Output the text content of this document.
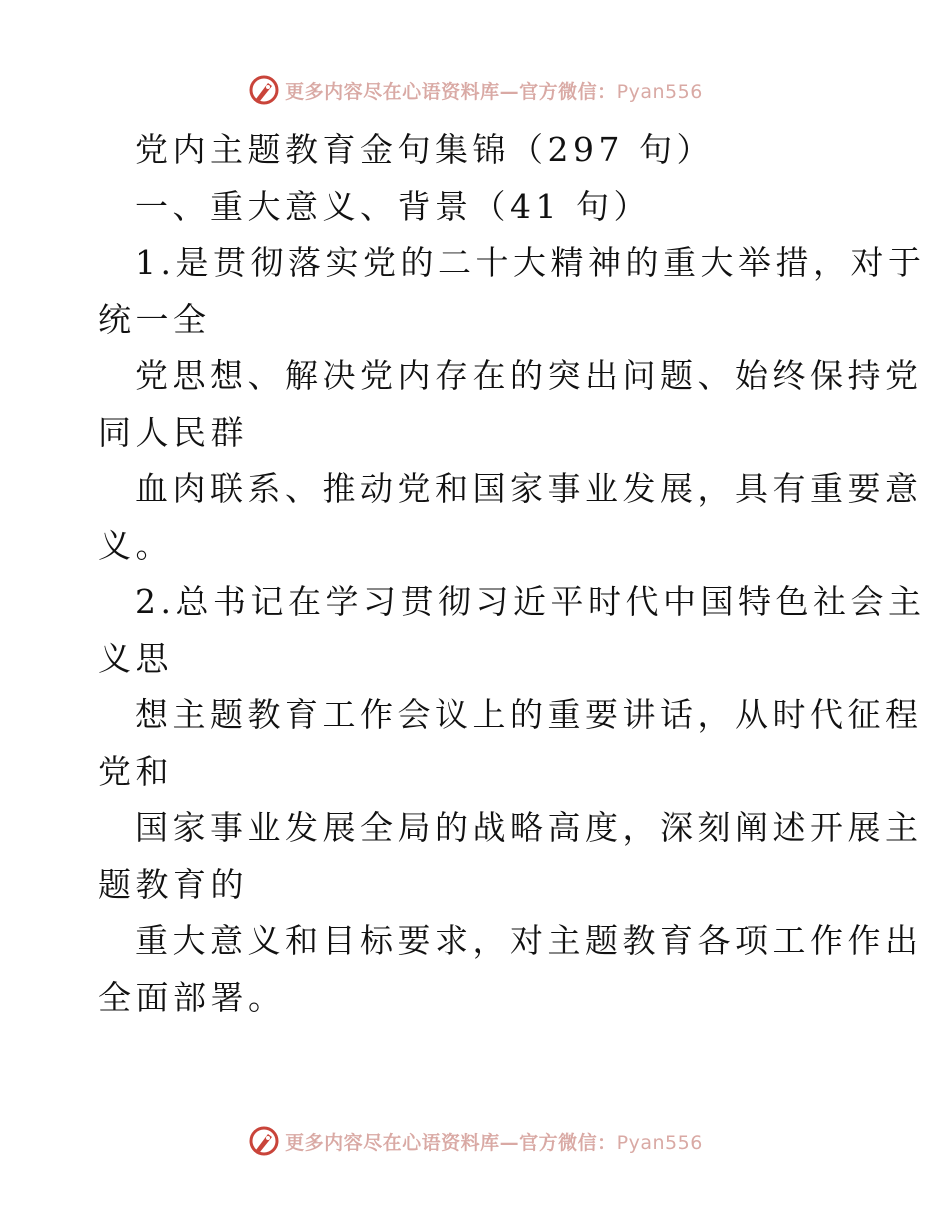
更多内容尽在心语资料库—官方微信：Pyan556
党内主题教育金句集锦（297 句）
一、重大意义、背景（41 句）
1.是贯彻落实党的二十大精神的重大举措，对于
统一全
党思想、解决党内存在的突出问题、始终保持党
同人民群
血肉联系、推动党和国家事业发展，具有重要意
义。
2.总书记在学习贯彻习近平时代中国特色社会主
义思
想主题教育工作会议上的重要讲话，从时代征程
党和
国家事业发展全局的战略高度，深刻阐述开展主
题教育的
重大意义和目标要求，对主题教育各项工作作出
全面部署。
更多内容尽在心语资料库—官方微信：Pyan556
